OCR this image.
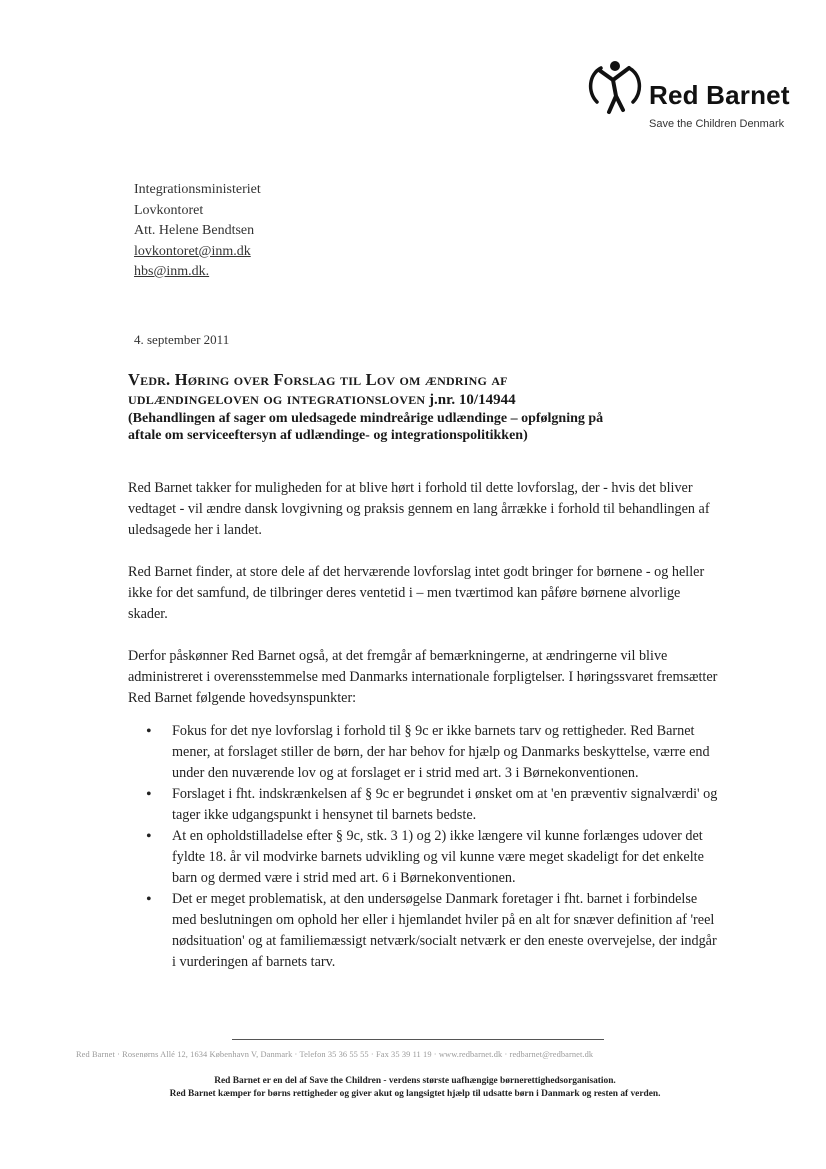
Red Barnet
Save the Children Denmark
Integrationsministeriet
Lovkontoret
Att. Helene Bendtsen
lovkontoret@inm.dk
hbs@inm.dk.
4. september 2011
Vedr. Høring over Forslag til Lov om ændring af
udlændingeloven og integrationsloven j.nr. 10/14944
(Behandlingen af sager om uledsagede mindreårige udlændinge – opfølgning på
aftale om serviceeftersyn af udlændinge- og integrationspolitikken)

Red Barnet takker for muligheden for at blive hørt i forhold til dette lovforslag, der - hvis det bliver vedtaget - vil ændre dansk lovgivning og praksis gennem en lang årrække i forhold til behandlingen af uledsagede her i landet.

Red Barnet finder, at store dele af det herværende lovforslag intet godt bringer for børnene - og heller ikke for det samfund, de tilbringer deres ventetid i – men tværtimod kan påføre børnene alvorlige skader.

Derfor påskønner Red Barnet også, at det fremgår af bemærkningerne, at ændringerne vil blive administreret i overensstemmelse med Danmarks internationale forpligtelser. I høringssvaret fremsætter Red Barnet følgende hovedsynspunkter:

• Fokus for det nye lovforslag i forhold til § 9c er ikke barnets tarv og rettigheder. Red Barnet mener, at forslaget stiller de børn, der har behov for hjælp og Danmarks beskyttelse, værre end under den nuværende lov og at forslaget er i strid med art. 3 i Børnekonventionen.
• Forslaget i fht. indskrænkelsen af § 9c er begrundet i ønsket om at 'en præventiv signalværdi' og tager ikke udgangspunkt i hensynet til barnets bedste.
• At en opholdstilladelse efter § 9c, stk. 3 1) og 2) ikke længere vil kunne forlænges udover det fyldte 18. år vil modvirke barnets udvikling og vil kunne være meget skadeligt for det enkelte barn og dermed være i strid med art. 6 i Børnekonventionen.
• Det er meget problematisk, at den undersøgelse Danmark foretager i fht. barnet i forbindelse med beslutningen om ophold her eller i hjemlandet hviler på en alt for snæver definition af 'reel nødsituation' og at familiemæssigt netværk/socialt netværk er den eneste overvejelse, der indgår i vurderingen af barnets tarv.
Red Barnet · Rosenørns Allé 12, 1634 København V, Danmark · Telefon 35 36 55 55 · Fax 35 39 11 19 · www.redbarnet.dk · redbarnet@redbarnet.dk
Red Barnet er en del af Save the Children - verdens største uafhængige børnerettighedsorganisation.
Red Barnet kæmper for børns rettigheder og giver akut og langsigtet hjælp til udsatte børn i Danmark og resten af verden.
